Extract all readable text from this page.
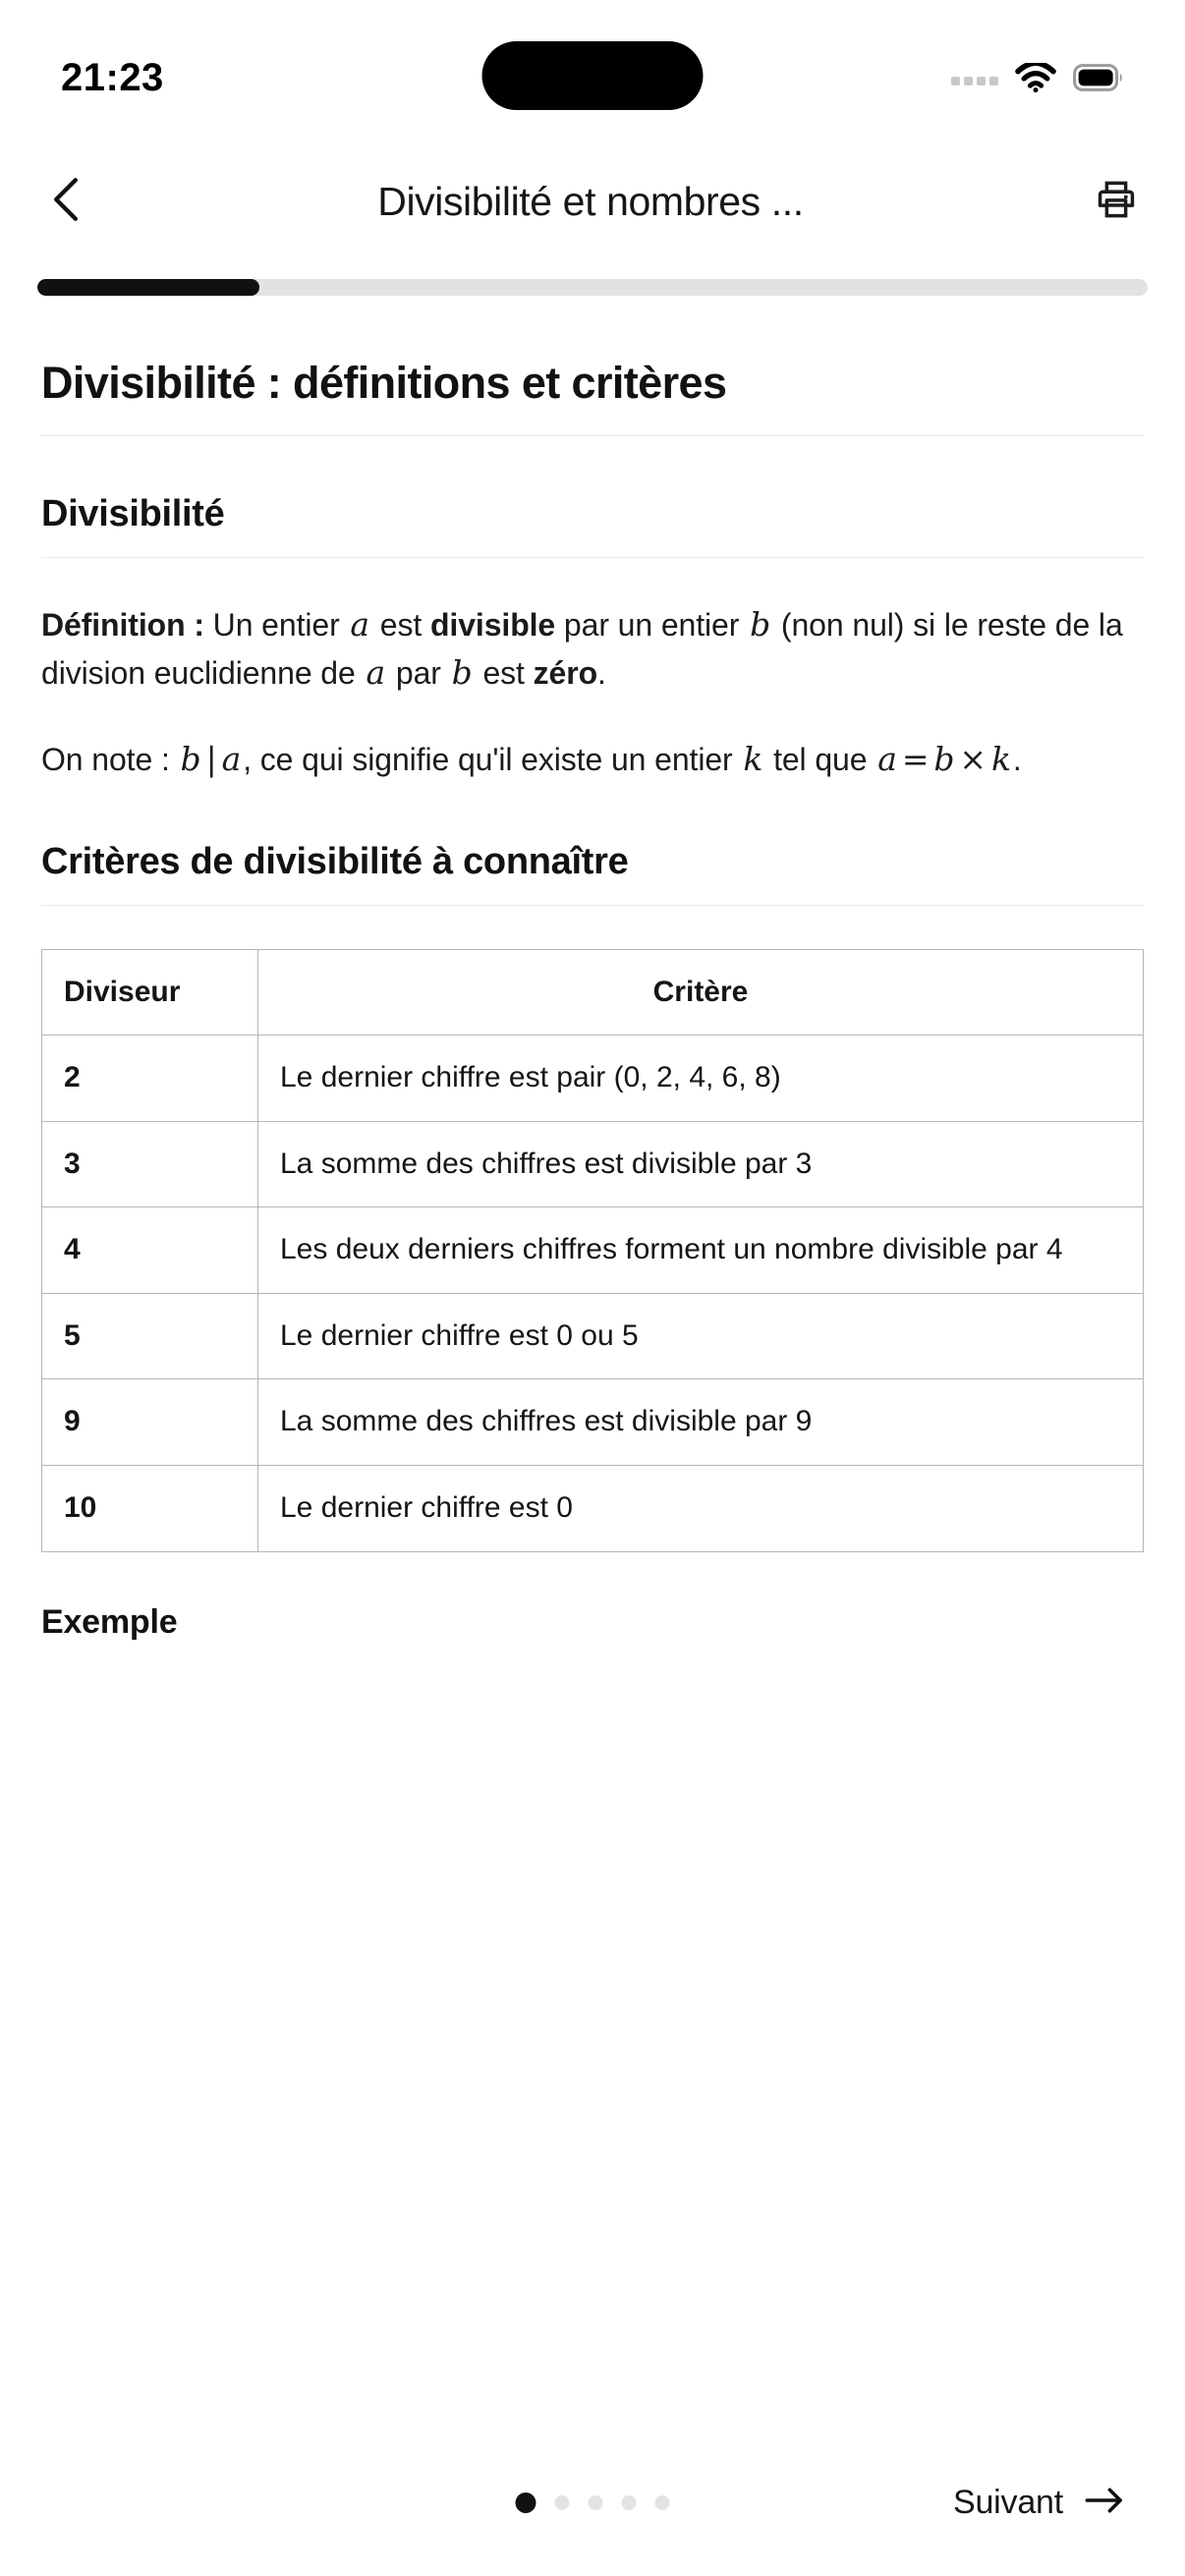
21:23
Divisibilité et nombres ...
Divisibilité : définitions et critères
Divisibilité

Définition : Un entier a est divisible par un entier b (non nul) si le reste de la division euclidienne de a par b est zéro.

On note : b | a, ce qui signifie qu'il existe un entier k tel que a = b × k.

Critères de divisibilité à connaître
Diviseur	Critère
2	Le dernier chiffre est pair (0, 2, 4, 6, 8)
3	La somme des chiffres est divisible par 3
4	Les deux derniers chiffres forment un nombre divisible par 4
5	Le dernier chiffre est 0 ou 5
9	La somme des chiffres est divisible par 9
10	Le dernier chiffre est 0
Exemple
Suivant
